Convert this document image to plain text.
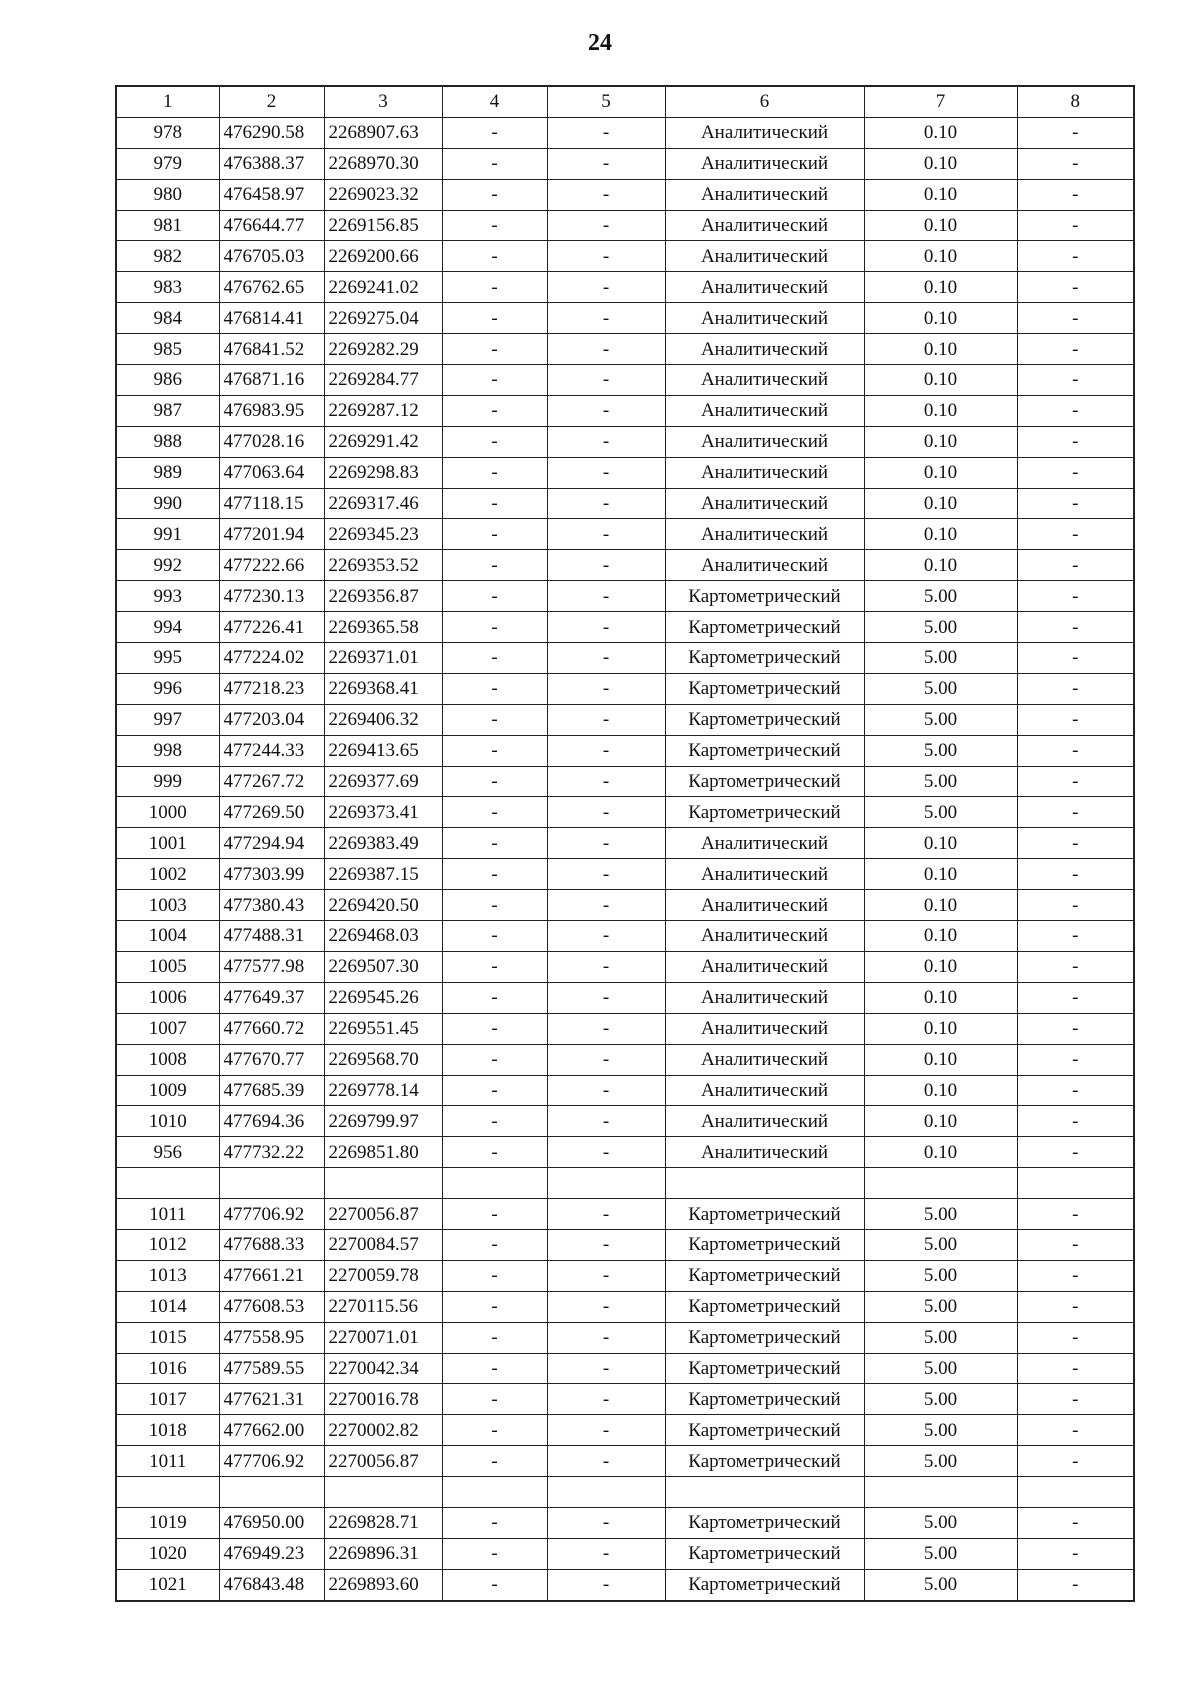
24
1	2	3	4	5	6	7	8
978	476290.58	2268907.63	-	-	Аналитический	0.10	-
979	476388.37	2268970.30	-	-	Аналитический	0.10	-
980	476458.97	2269023.32	-	-	Аналитический	0.10	-
981	476644.77	2269156.85	-	-	Аналитический	0.10	-
982	476705.03	2269200.66	-	-	Аналитический	0.10	-
983	476762.65	2269241.02	-	-	Аналитический	0.10	-
984	476814.41	2269275.04	-	-	Аналитический	0.10	-
985	476841.52	2269282.29	-	-	Аналитический	0.10	-
986	476871.16	2269284.77	-	-	Аналитический	0.10	-
987	476983.95	2269287.12	-	-	Аналитический	0.10	-
988	477028.16	2269291.42	-	-	Аналитический	0.10	-
989	477063.64	2269298.83	-	-	Аналитический	0.10	-
990	477118.15	2269317.46	-	-	Аналитический	0.10	-
991	477201.94	2269345.23	-	-	Аналитический	0.10	-
992	477222.66	2269353.52	-	-	Аналитический	0.10	-
993	477230.13	2269356.87	-	-	Картометрический	5.00	-
994	477226.41	2269365.58	-	-	Картометрический	5.00	-
995	477224.02	2269371.01	-	-	Картометрический	5.00	-
996	477218.23	2269368.41	-	-	Картометрический	5.00	-
997	477203.04	2269406.32	-	-	Картометрический	5.00	-
998	477244.33	2269413.65	-	-	Картометрический	5.00	-
999	477267.72	2269377.69	-	-	Картометрический	5.00	-
1000	477269.50	2269373.41	-	-	Картометрический	5.00	-
1001	477294.94	2269383.49	-	-	Аналитический	0.10	-
1002	477303.99	2269387.15	-	-	Аналитический	0.10	-
1003	477380.43	2269420.50	-	-	Аналитический	0.10	-
1004	477488.31	2269468.03	-	-	Аналитический	0.10	-
1005	477577.98	2269507.30	-	-	Аналитический	0.10	-
1006	477649.37	2269545.26	-	-	Аналитический	0.10	-
1007	477660.72	2269551.45	-	-	Аналитический	0.10	-
1008	477670.77	2269568.70	-	-	Аналитический	0.10	-
1009	477685.39	2269778.14	-	-	Аналитический	0.10	-
1010	477694.36	2269799.97	-	-	Аналитический	0.10	-
956	477732.22	2269851.80	-	-	Аналитический	0.10	-

1011	477706.92	2270056.87	-	-	Картометрический	5.00	-
1012	477688.33	2270084.57	-	-	Картометрический	5.00	-
1013	477661.21	2270059.78	-	-	Картометрический	5.00	-
1014	477608.53	2270115.56	-	-	Картометрический	5.00	-
1015	477558.95	2270071.01	-	-	Картометрический	5.00	-
1016	477589.55	2270042.34	-	-	Картометрический	5.00	-
1017	477621.31	2270016.78	-	-	Картометрический	5.00	-
1018	477662.00	2270002.82	-	-	Картометрический	5.00	-
1011	477706.92	2270056.87	-	-	Картометрический	5.00	-

1019	476950.00	2269828.71	-	-	Картометрический	5.00	-
1020	476949.23	2269896.31	-	-	Картометрический	5.00	-
1021	476843.48	2269893.60	-	-	Картометрический	5.00	-
